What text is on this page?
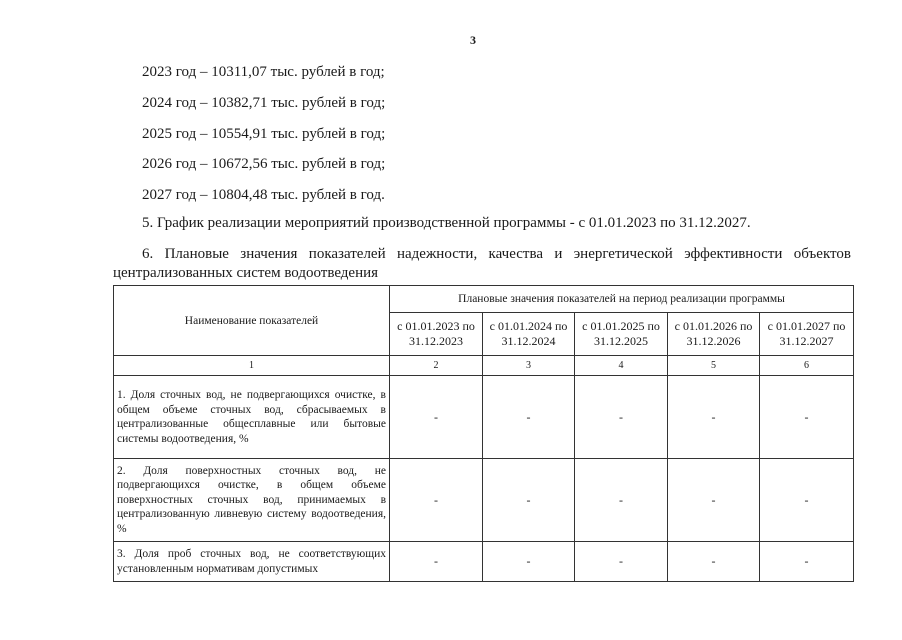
3
2023 год – 10311,07 тыс. рублей в год;
2024 год – 10382,71 тыс. рублей в год;
2025 год – 10554,91 тыс. рублей в год;
2026 год – 10672,56 тыс. рублей в год;
2027 год – 10804,48 тыс. рублей в год.
5. График реализации мероприятий производственной программы - с 01.01.2023 по 31.12.2027.
6. Плановые значения показателей надежности, качества и энергетической эффективности объектов централизованных систем водоотведения
Наименование показателей	Плановые значения показателей на период реализации программы				
	с 01.01.2023 по 31.12.2023	с 01.01.2024 по 31.12.2024	с 01.01.2025 по 31.12.2025	с 01.01.2026 по 31.12.2026	с 01.01.2027 по 31.12.2027
1	2	3	4	5	6
1. Доля сточных вод, не подвергающихся очистке, в общем объеме сточных вод, сбрасываемых в централизованные общесплавные или бытовые системы водоотведения, %	-	-	-	-	-
2. Доля поверхностных сточных вод, не подвергающихся очистке, в общем объеме поверхностных сточных вод, принимаемых в централизованную ливневую систему водоотведения, %	-	-	-	-	-
3. Доля проб сточных вод, не соответствующих установленным нормативам допустимых	-	-	-	-	-
